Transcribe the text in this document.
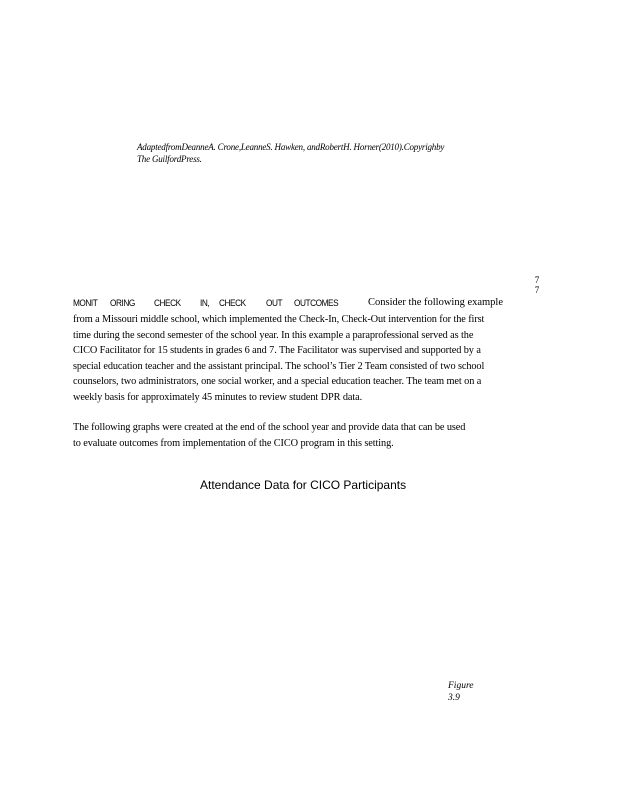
AdaptedfromDeanneA. Crone,LeanneS. Hawken, andRobertH. Horner(2010).Copyrighby
The GuilfordPress.
7
7
MONIT ORING CHECK IN, CHECK OUT OUTCOMES	Consider the following example
from a Missouri middle school, which implemented the Check-In, Check-Out intervention for the first
time during the second semester of the school year. In this example a paraprofessional served as the
CICO Facilitator for 15 students in grades 6 and 7. The Facilitator was supervised and supported by a
special education teacher and the assistant principal. The school’s Tier 2 Team consisted of two school
counselors, two administrators, one social worker, and a special education teacher. The team met on a
weekly basis for approximately 45 minutes to review student DPR data.
The following graphs were created at the end of the school year and provide data that can be used
to evaluate outcomes from implementation of the CICO program in this setting.
Attendance Data for CICO Participants
Figure
3.9
